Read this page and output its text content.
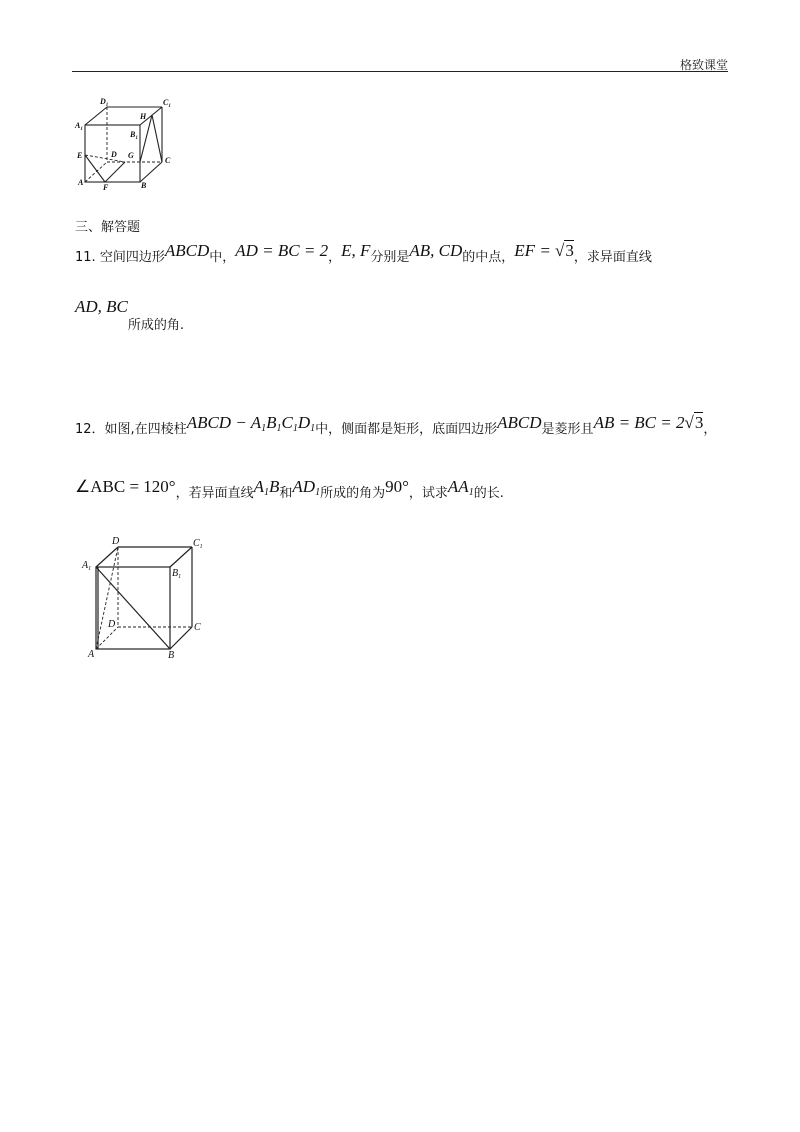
格致课堂
$D_1$	$C_1$
$A_1$
$B_1$
H
E	D G
C
A
F	B
三、解答题
11. 空间四边形ABCD中，AD = BC = 2，E, F分别是AB, CD的中点，EF = √3，求异面直线
AD, BC所成的角.
12．如图,在四棱柱ABCD − $A_1B_1C_1D_1$中，侧面都是矩形，底面四边形ABCD是菱形且AB = BC = 2√3，
∠ABC = 120°，若异面直线$A_1B$和$AD_1$所成的角为90°，试求$AA_1$的长.
D	$C_1$
$A_1$	$B_1$
D	C
A	B
